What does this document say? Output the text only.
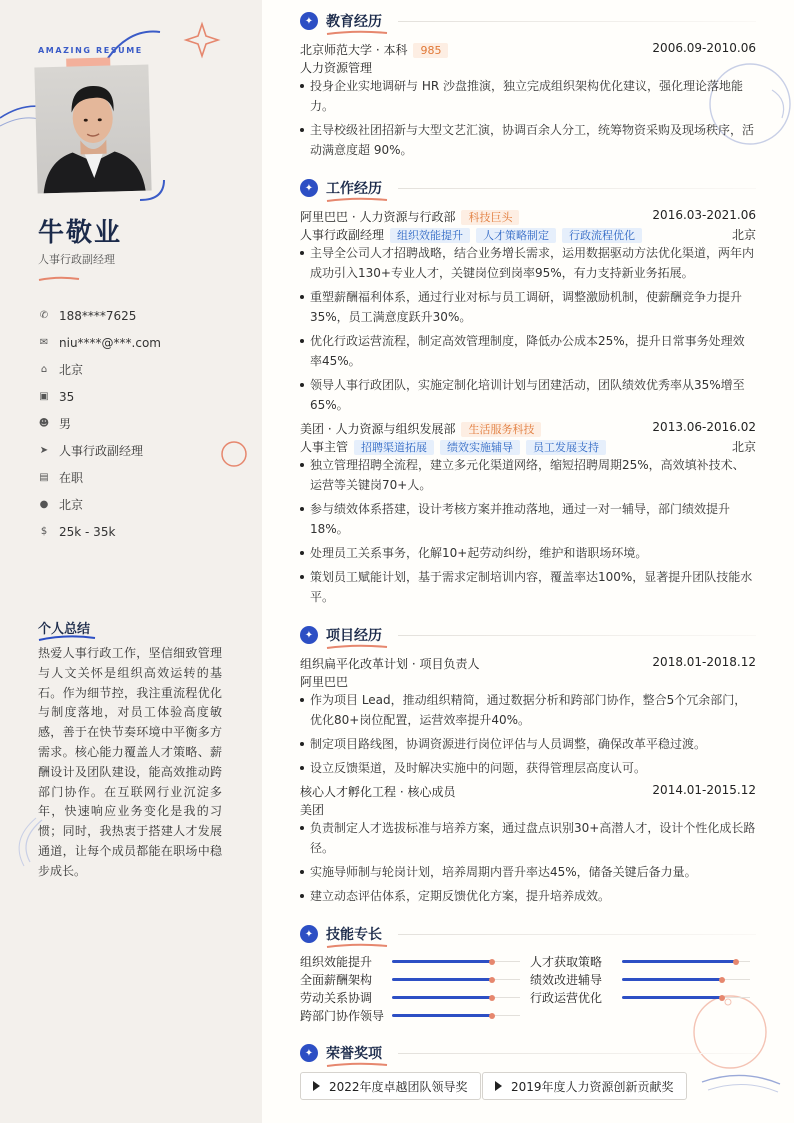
AMAZING RESUME
牛敬业
人事行政副经理
✆ 188****7625
✉ niu****@***.com
⌂ 北京
▣ 35
☻ 男
➤ 人事行政副经理
▤ 在职
● 北京
$ 25k - 35k
个人总结
热爱人事行政工作，坚信细致管理与人文关怀是组织高效运转的基石。作为细节控，我注重流程优化与制度落地，对员工体验高度敏感，善于在快节奏环境中平衡多方需求。核心能力覆盖人才策略、薪酬设计及团队建设，能高效推动跨部门协作。在互联网行业沉淀多年，快速响应业务变化是我的习惯；同时，我热衷于搭建人才发展通道，让每个成员都能在职场中稳步成长。
✦ 教育经历
北京师范大学 · 本科 985	2006.09-2010.06
人力资源管理
投身企业实地调研与 HR 沙盘推演，独立完成组织架构优化建议，强化理论落地能力。
主导校级社团招新与大型文艺汇演，协调百余人分工，统筹物资采购及现场秩序，活动满意度超 90%。
✦ 工作经历
阿里巴巴 · 人力资源与行政部 科技巨头	2016.03-2021.06
人事行政副经理 组织效能提升 人才策略制定 行政流程优化	北京
主导全公司人才招聘战略，结合业务增长需求，运用数据驱动方法优化渠道，两年内成功引入130+专业人才，关键岗位到岗率95%，有力支持新业务拓展。
重塑薪酬福利体系，通过行业对标与员工调研，调整激励机制，使薪酬竞争力提升35%，员工满意度跃升30%。
优化行政运营流程，制定高效管理制度，降低办公成本25%，提升日常事务处理效率45%。
领导人事行政团队，实施定制化培训计划与团建活动，团队绩效优秀率从35%增至65%。
美团 · 人力资源与组织发展部 生活服务科技	2013.06-2016.02
人事主管 招聘渠道拓展 绩效实施辅导 员工发展支持	北京
独立管理招聘全流程，建立多元化渠道网络，缩短招聘周期25%，高效填补技术、运营等关键岗70+人。
参与绩效体系搭建，设计考核方案并推动落地，通过一对一辅导，部门绩效提升18%。
处理员工关系事务，化解10+起劳动纠纷，维护和谐职场环境。
策划员工赋能计划，基于需求定制培训内容，覆盖率达100%，显著提升团队技能水平。
✦ 项目经历
组织扁平化改革计划 · 项目负责人	2018.01-2018.12
阿里巴巴
作为项目 Lead，推动组织精简，通过数据分析和跨部门协作，整合5个冗余部门，优化80+岗位配置，运营效率提升40%。
制定项目路线图，协调资源进行岗位评估与人员调整，确保改革平稳过渡。
设立反馈渠道，及时解决实施中的问题，获得管理层高度认可。
核心人才孵化工程 · 核心成员	2014.01-2015.12
美团
负责制定人才选拔标准与培养方案，通过盘点识别30+高潜人才，设计个性化成长路径。
实施导师制与轮岗计划，培养周期内晋升率达45%，储备关键后备力量。
建立动态评估体系，定期反馈优化方案，提升培养成效。
✦ 技能专长
组织效能提升	人才获取策略
全面薪酬架构	绩效改进辅导
劳动关系协调	行政运营优化
跨部门协作领导
✦ 荣誉奖项
2022年度卓越团队领导奖	2019年度人力资源创新贡献奖
